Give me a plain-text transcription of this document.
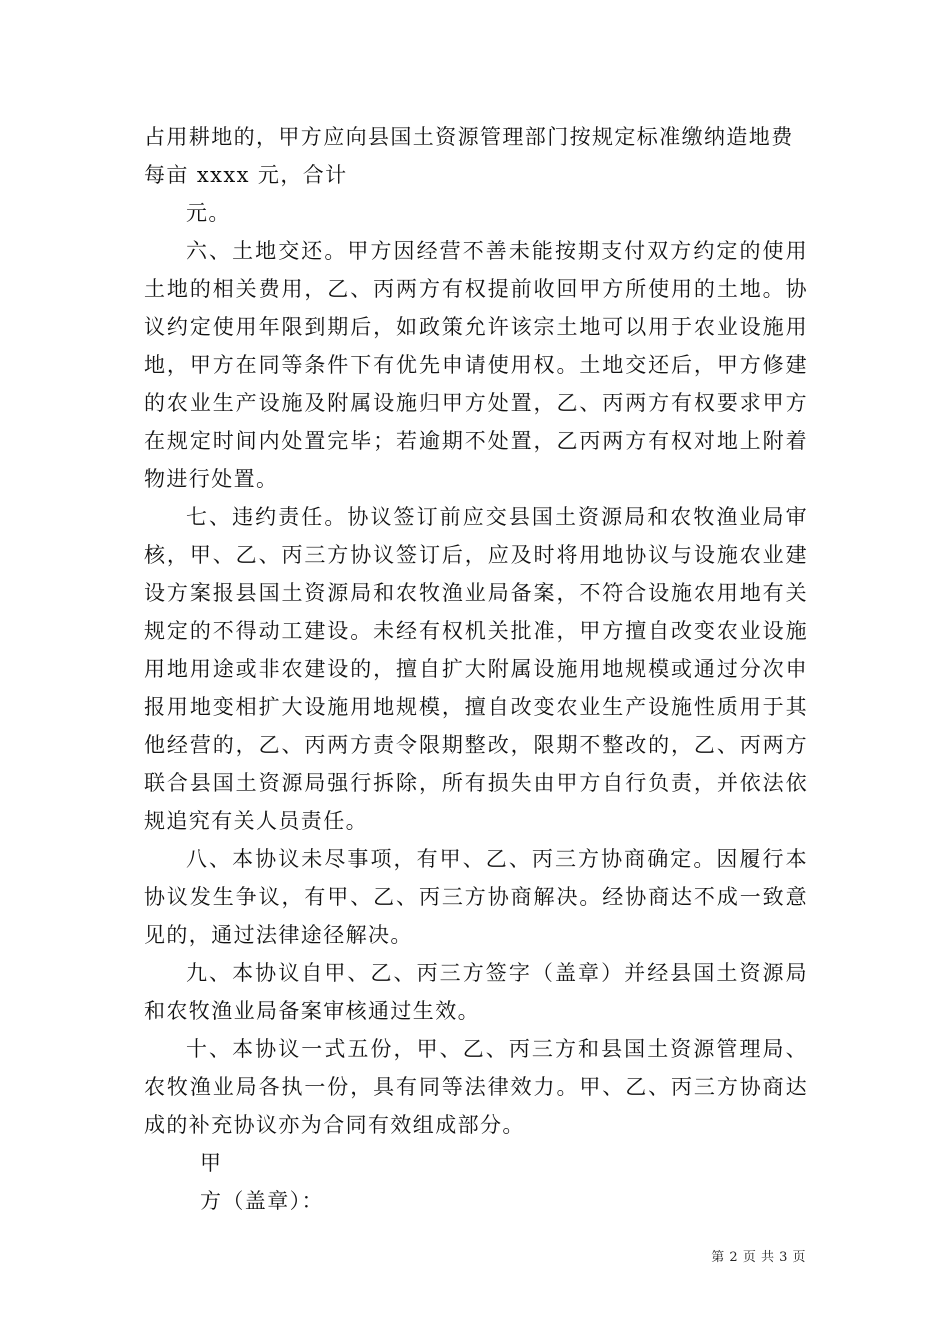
占用耕地的，甲方应向县国土资源管理部门按规定标准缴纳造地费
每亩 xxxx 元，合计

元。

六、土地交还。甲方因经营不善未能按期支付双方约定的使用土地的相关费用，乙、丙两方有权提前收回甲方所使用的土地。协议约定使用年限到期后，如政策允许该宗土地可以用于农业设施用地，甲方在同等条件下有优先申请使用权。土地交还后，甲方修建的农业生产设施及附属设施归甲方处置，乙、丙两方有权要求甲方在规定时间内处置完毕；若逾期不处置，乙丙两方有权对地上附着物进行处置。

七、违约责任。协议签订前应交县国土资源局和农牧渔业局审核，甲、乙、丙三方协议签订后，应及时将用地协议与设施农业建设方案报县国土资源局和农牧渔业局备案，不符合设施农用地有关规定的不得动工建设。未经有权机关批准，甲方擅自改变农业设施用地用途或非农建设的，擅自扩大附属设施用地规模或通过分次申报用地变相扩大设施用地规模，擅自改变农业生产设施性质用于其他经营的，乙、丙两方责令限期整改，限期不整改的，乙、丙两方联合县国土资源局强行拆除，所有损失由甲方自行负责，并依法依规追究有关人员责任。

八、本协议未尽事项，有甲、乙、丙三方协商确定。因履行本协议发生争议，有甲、乙、丙三方协商解决。经协商达不成一致意见的，通过法律途径解决。

九、本协议自甲、乙、丙三方签字（盖章）并经县国土资源局和农牧渔业局备案审核通过生效。

十、本协议一式五份，甲、乙、丙三方和县国土资源管理局、农牧渔业局各执一份，具有同等法律效力。甲、乙、丙三方协商达成的补充协议亦为合同有效组成部分。

甲
方（盖章）：
第 2 页 共 3 页
